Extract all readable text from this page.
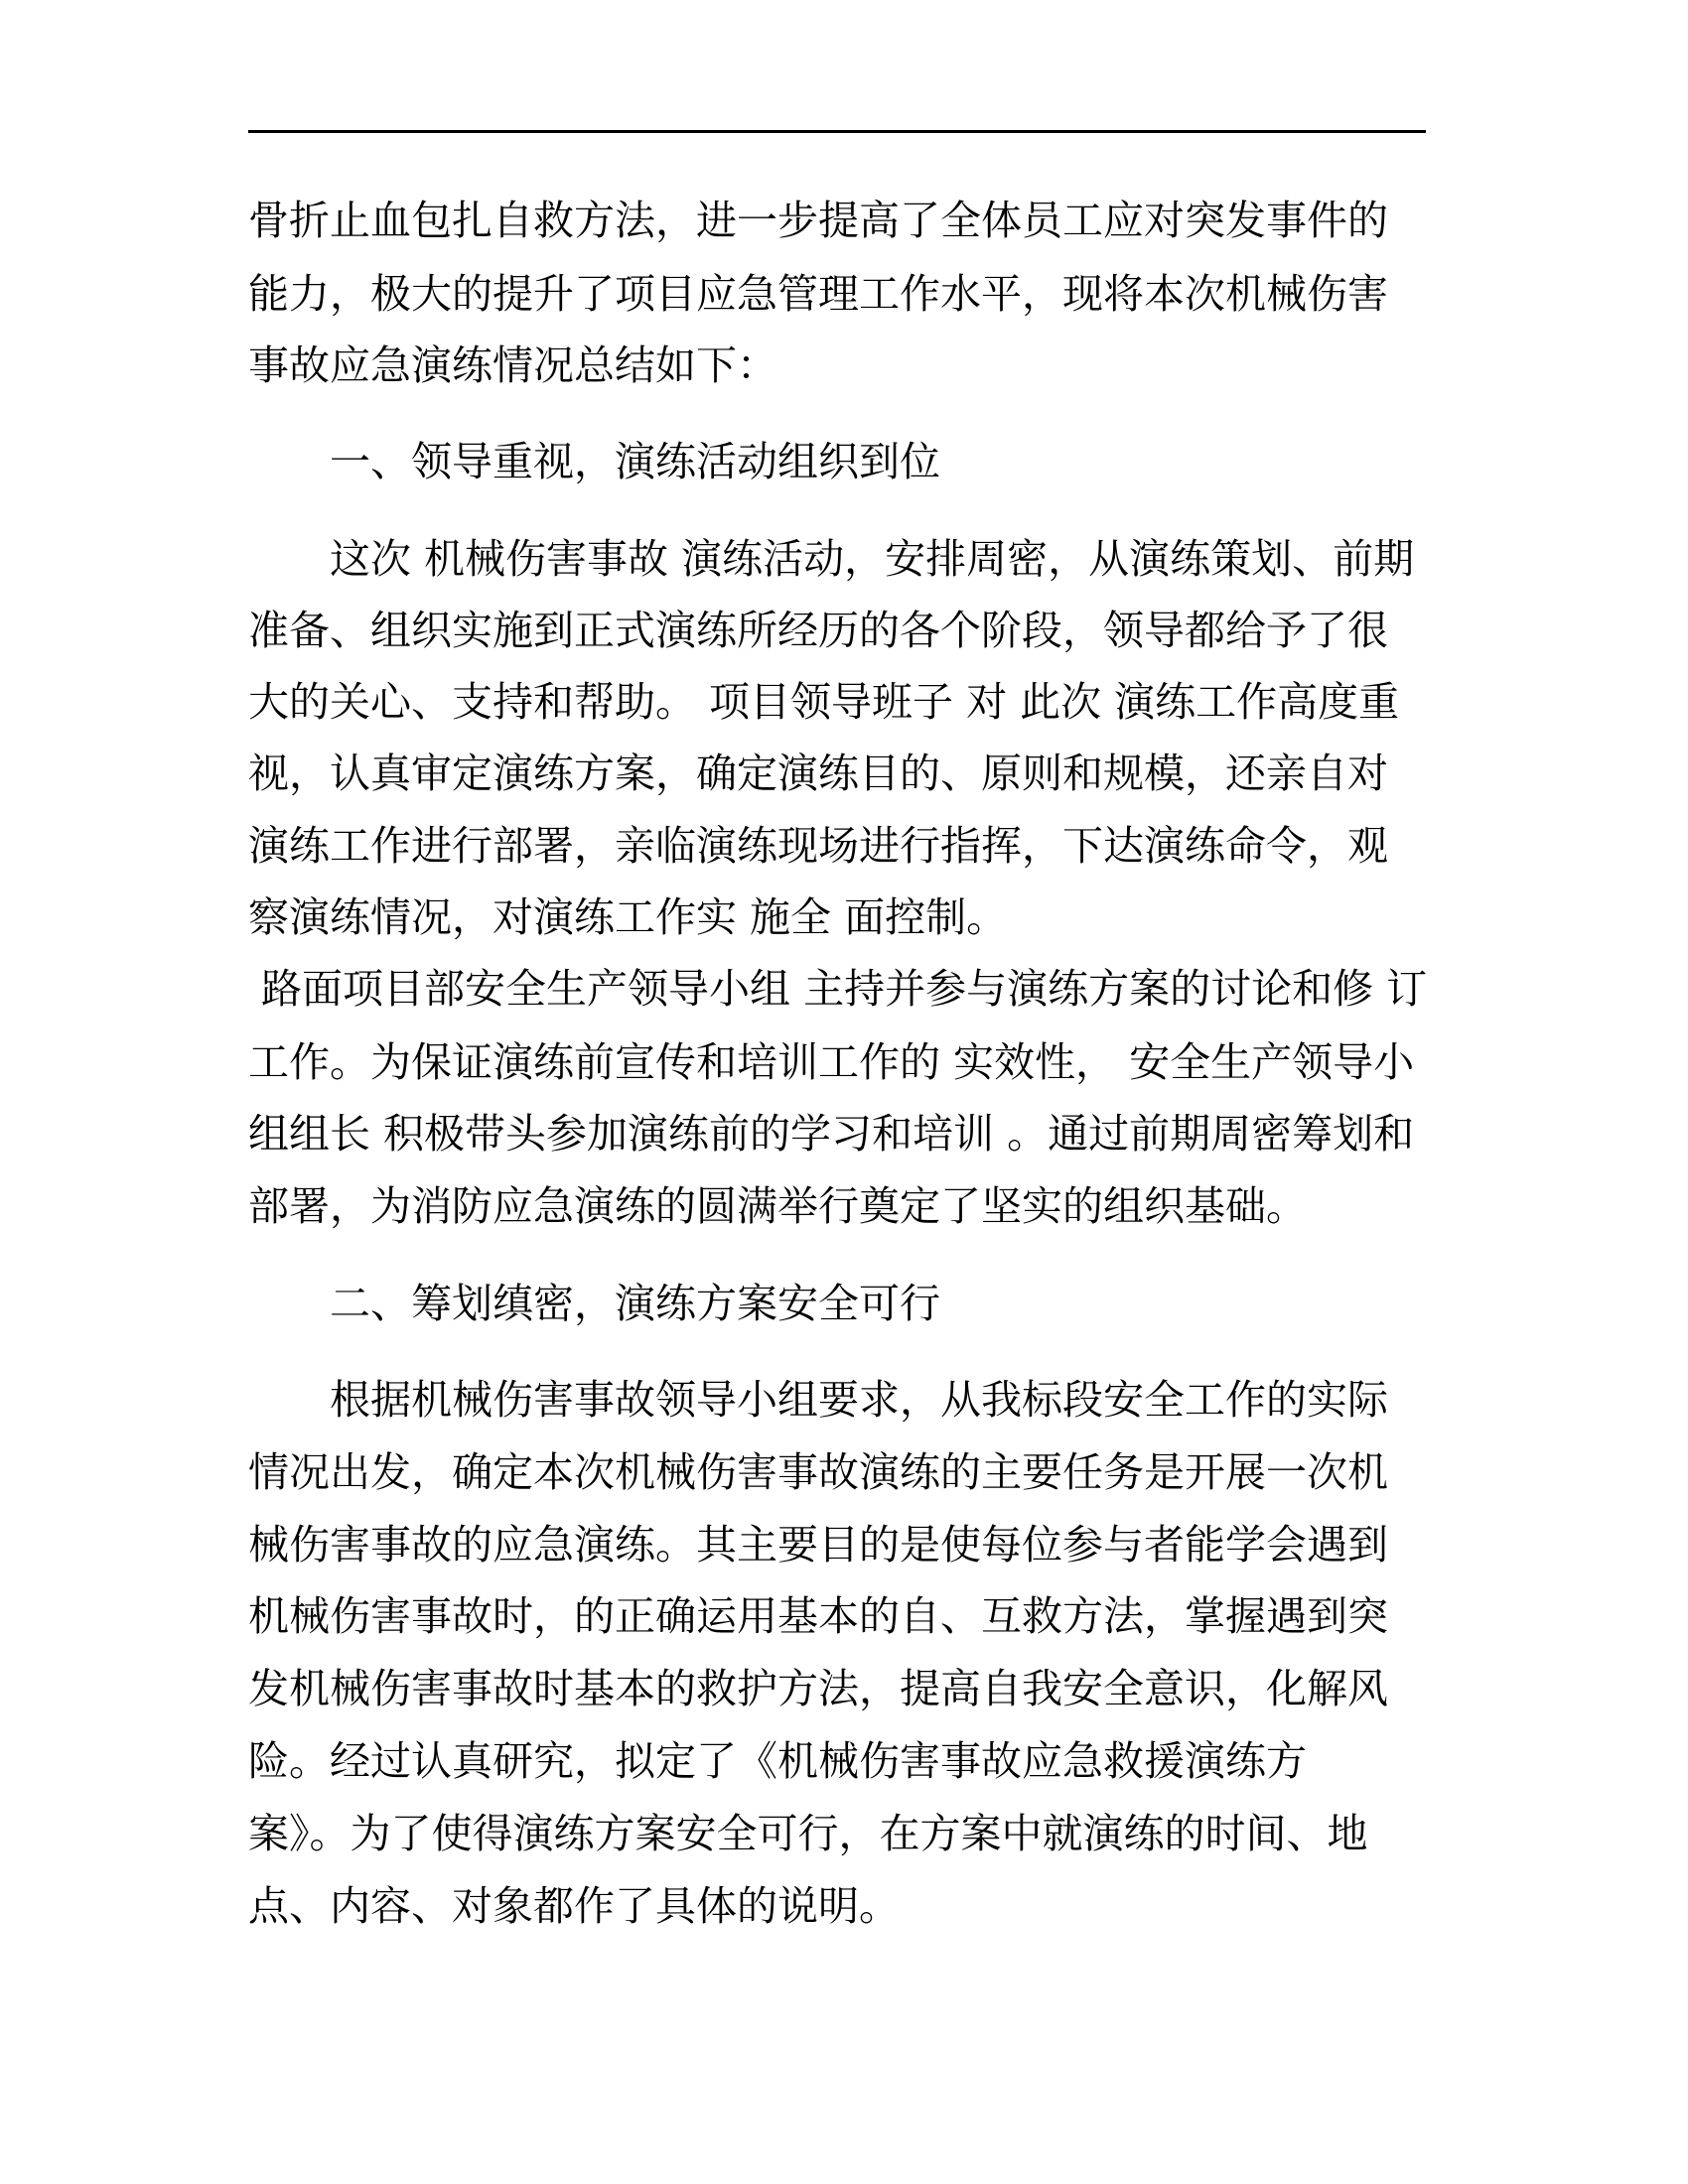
骨折止血包扎自救方法，进一步提高了全体员工应对突发事件的
能力，极大的提升了项目应急管理工作水平，现将本次机械伤害
事故应急演练情况总结如下：
　　一、领导重视，演练活动组织到位
　　这次 机械伤害事故 演练活动，安排周密，从演练策划、前期
准备、组织实施到正式演练所经历的各个阶段，领导都给予了很
大的关心、支持和帮助。 项目领导班子 对 此次 演练工作高度重
视，认真审定演练方案，确定演练目的、原则和规模，还亲自对
演练工作进行部署，亲临演练现场进行指挥，下达演练命令，观
察演练情况，对演练工作实 施全 面控制。
路面项目部安全生产领导小组 主持并参与演练方案的讨论和修 订
工作。为保证演练前宣传和培训工作的 实效性， 安全生产领导小
组组长 积极带头参加演练前的学习和培训 。通过前期周密筹划和
部署，为消防应急演练的圆满举行奠定了坚实的组织基础。
　　二、筹划缜密，演练方案安全可行
　　根据机械伤害事故领导小组要求，从我标段安全工作的实际
情况出发，确定本次机械伤害事故演练的主要任务是开展一次机
械伤害事故的应急演练。其主要目的是使每位参与者能学会遇到
机械伤害事故时，的正确运用基本的自、互救方法，掌握遇到突
发机械伤害事故时基本的救护方法，提高自我安全意识，化解风
险。经过认真研究，拟定了《机械伤害事故应急救援演练方
案》。为了使得演练方案安全可行，在方案中就演练的时间、地
点、内容、对象都作了具体的说明。
